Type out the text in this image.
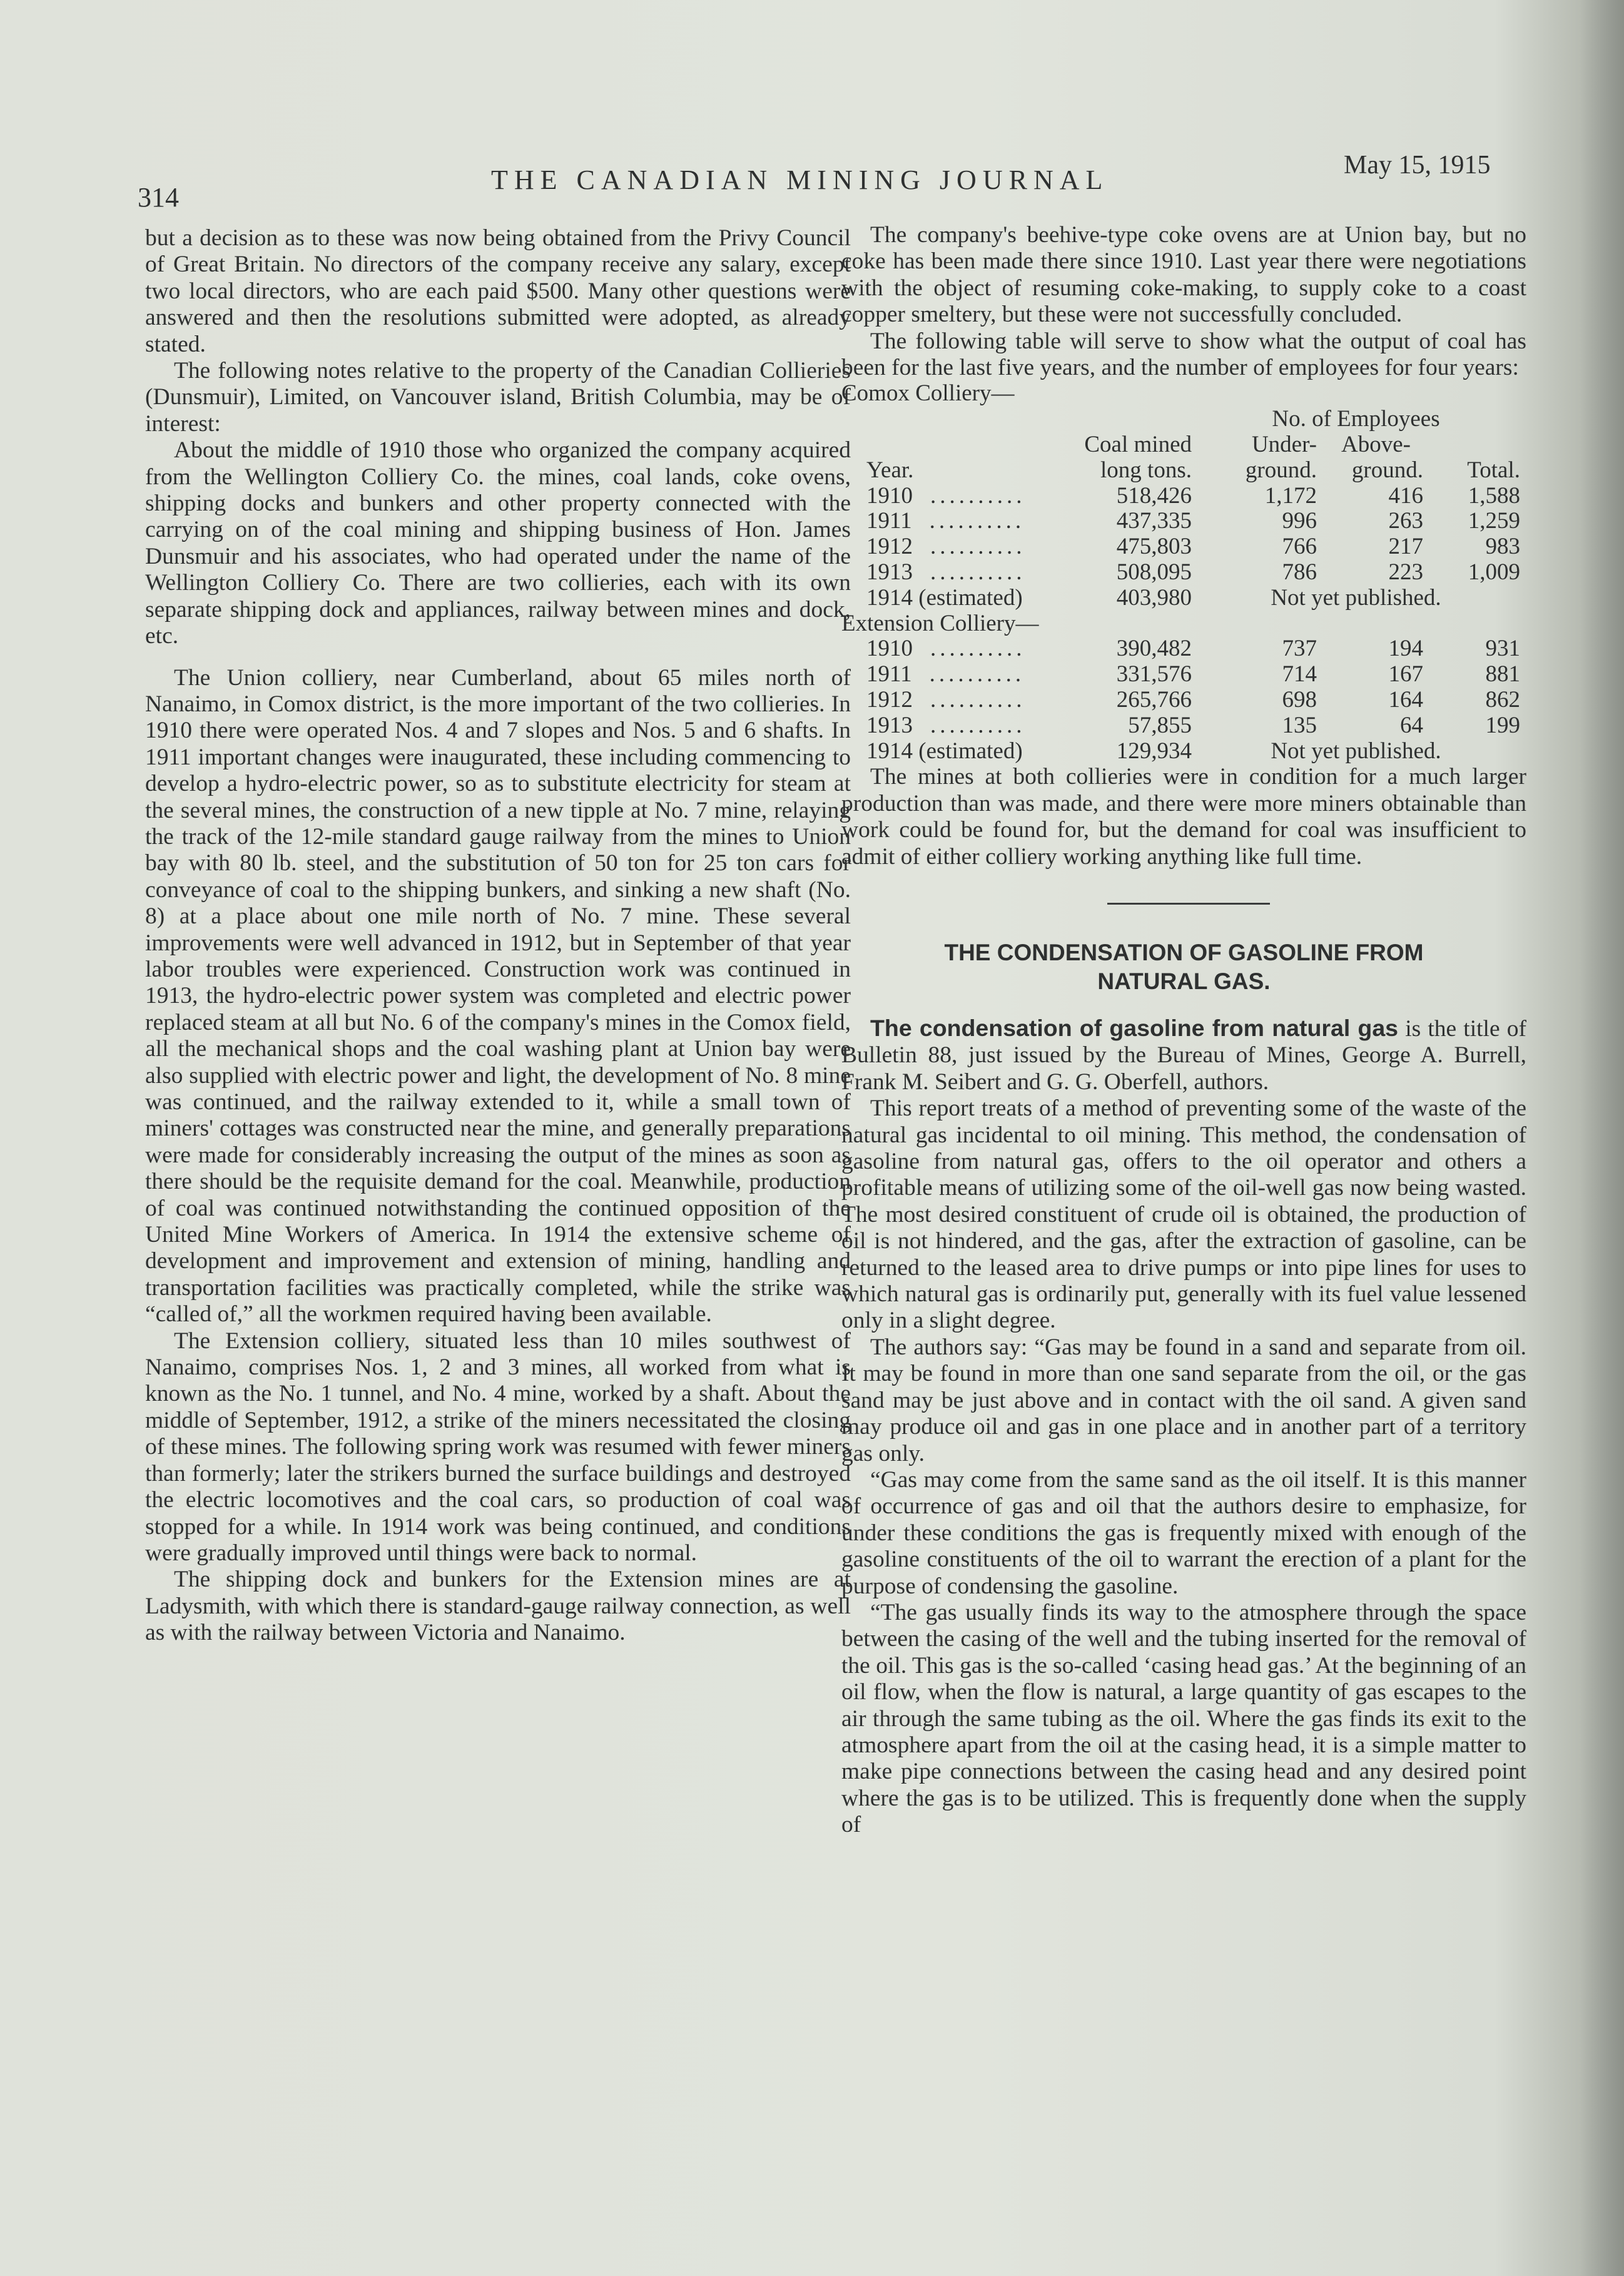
314
THE CANADIAN MINING JOURNAL	May 15, 1915

but a decision as to these was now being obtained from the Privy Council of Great Britain. No directors of the company receive any salary, except two local directors, who are each paid $500. Many other questions were answered and then the resolutions submitted were adopted, as already stated.

The following notes relative to the property of the Canadian Collieries (Dunsmuir), Limited, on Vancouver island, British Columbia, may be of interest:

About the middle of 1910 those who organized the company acquired from the Wellington Colliery Co. the mines, coal lands, coke ovens, shipping docks and bunkers and other property connected with the carrying on of the coal mining and shipping business of Hon. James Dunsmuir and his associates, who had operated under the name of the Wellington Colliery Co. There are two collieries, each with its own separate shipping dock and appliances, railway between mines and dock, etc.

The Union colliery, near Cumberland, about 65 miles north of Nanaimo, in Comox district, is the more important of the two collieries. In 1910 there were operated Nos. 4 and 7 slopes and Nos. 5 and 6 shafts. In 1911 important changes were inaugurated, these including commencing to develop a hydro-electric power, so as to substitute electricity for steam at the several mines, the construction of a new tipple at No. 7 mine, relaying the track of the 12-mile standard gauge railway from the mines to Union bay with 80 lb. steel, and the substitution of 50 ton for 25 ton cars for conveyance of coal to the shipping bunkers, and sinking a new shaft (No. 8) at a place about one mile north of No. 7 mine. These several improvements were well advanced in 1912, but in September of that year labor troubles were experienced. Construction work was continued in 1913, the hydro-electric power system was completed and electric power replaced steam at all but No. 6 of the company's mines in the Comox field, all the mechanical shops and the coal washing plant at Union bay were also supplied with electric power and light, the development of No. 8 mine was continued, and the railway extended to it, while a small town of miners' cottages was constructed near the mine, and generally preparations were made for considerably increasing the output of the mines as soon as there should be the requisite demand for the coal. Meanwhile, production of coal was continued notwithstanding the continued opposition of the United Mine Workers of America. In 1914 the extensive scheme of development and improvement and extension of mining, handling and transportation facilities was practically completed, while the strike was “called of,” all the workmen required having been available.

The Extension colliery, situated less than 10 miles southwest of Nanaimo, comprises Nos. 1, 2 and 3 mines, all worked from what is known as the No. 1 tunnel, and No. 4 mine, worked by a shaft. About the middle of September, 1912, a strike of the miners necessitated the closing of these mines. The following spring work was resumed with fewer miners than formerly; later the strikers burned the surface buildings and destroyed the electric locomotives and the coal cars, so production of coal was stopped for a while. In 1914 work was being continued, and conditions were gradually improved until things were back to normal.

The shipping dock and bunkers for the Extension mines are at Ladysmith, with which there is standard-gauge railway connection, as well as with the railway between Victoria and Nanaimo.

The company's beehive-type coke ovens are at Union bay, but no coke has been made there since 1910. Last year there were negotiations with the object of resuming coke-making, to supply coke to a coast copper smeltery, but these were not successfully concluded.

The following table will serve to show what the output of coal has been for the last five years, and the number of employees for four years:

Comox Colliery—				
		No. of Employees		
	Coal mined	Under-	Above-	
Year.	long tons.	ground.	ground.	Total.
1910 ..........	518,426	1,172	416	1,588
1911 ..........	437,335	996	263	1,259
1912 ..........	475,803	766	217	983
1913 ..........	508,095	786	223	1,009
1914 (estimated)	403,980	Not yet published.		
Extension Colliery—				
1910 ..........	390,482	737	194	931
1911 ..........	331,576	714	167	881
1912 ..........	265,766	698	164	862
1913 ..........	57,855	135	64	199
1914 (estimated)	129,934	Not yet published.		

The mines at both collieries were in condition for a much larger production than was made, and there were more miners obtainable than work could be found for, but the demand for coal was insufficient to admit of either colliery working anything like full time.

THE CONDENSATION OF GASOLINE FROM
NATURAL GAS.

The condensation of gasoline from natural gas is the title of Bulletin 88, just issued by the Bureau of Mines, George A. Burrell, Frank M. Seibert and G. G. Oberfell, authors.

This report treats of a method of preventing some of the waste of the natural gas incidental to oil mining. This method, the condensation of gasoline from natural gas, offers to the oil operator and others a profitable means of utilizing some of the oil-well gas now being wasted. The most desired constituent of crude oil is obtained, the production of oil is not hindered, and the gas, after the extraction of gasoline, can be returned to the leased area to drive pumps or into pipe lines for uses to which natural gas is ordinarily put, generally with its fuel value lessened only in a slight degree.

The authors say: “Gas may be found in a sand and separate from oil. It may be found in more than one sand separate from the oil, or the gas sand may be just above and in contact with the oil sand. A given sand may produce oil and gas in one place and in another part of a territory gas only.

“Gas may come from the same sand as the oil itself. It is this manner of occurrence of gas and oil that the authors desire to emphasize, for under these conditions the gas is frequently mixed with enough of the gasoline constituents of the oil to warrant the erection of a plant for the purpose of condensing the gasoline.

“The gas usually finds its way to the atmosphere through the space between the casing of the well and the tubing inserted for the removal of the oil. This gas is the so-called ‘casing head gas.’ At the beginning of an oil flow, when the flow is natural, a large quantity of gas escapes to the air through the same tubing as the oil. Where the gas finds its exit to the atmosphere apart from the oil at the casing head, it is a simple matter to make pipe connections between the casing head and any desired point where the gas is to be utilized. This is frequently done when the supply of
